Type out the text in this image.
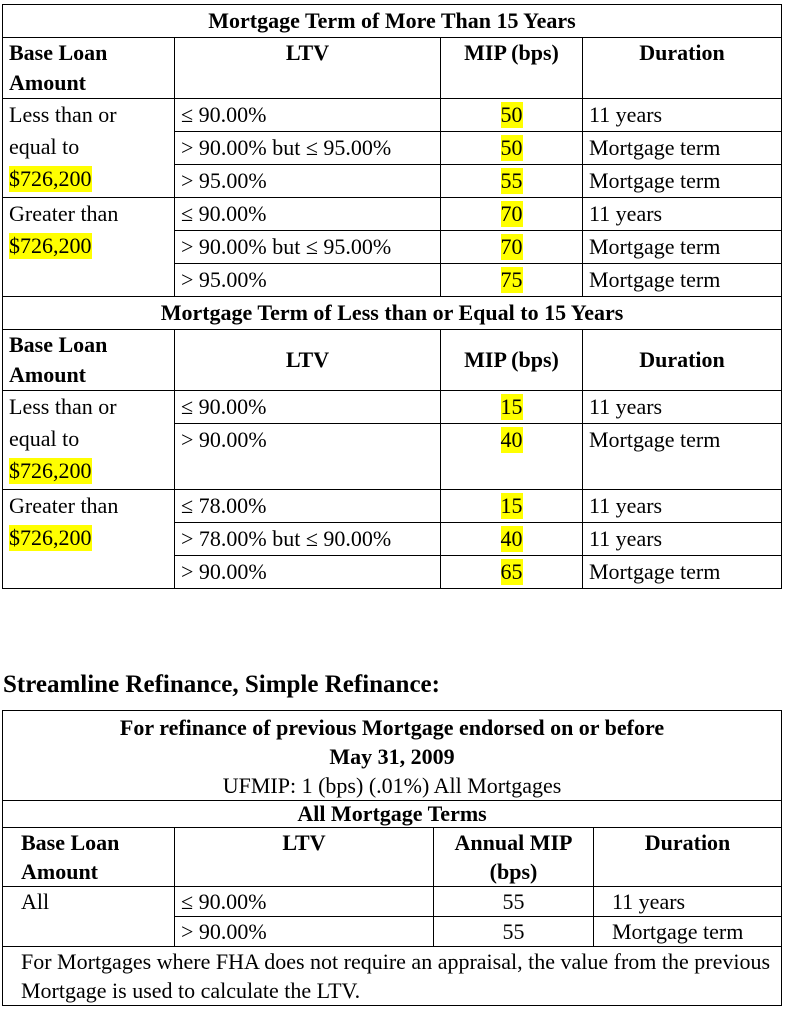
Mortgage Term of More Than 15 Years			
Base Loan Amount	LTV	MIP (bps)	Duration

Less than or
equal to
$726,200	≤ 90.00%	50	11 years
	> 90.00% but ≤ 95.00%	50	Mortgage term
	> 95.00%	55	Mortgage term

Greater than
$726,200	≤ 90.00%	70	11 years
	> 90.00% but ≤ 95.00%	70	Mortgage term
	> 95.00%	75	Mortgage term
Mortgage Term of Less than or Equal to 15 Years			
Base Loan Amount	LTV	MIP (bps)	Duration

Less than or
equal to
$726,200	≤ 90.00%	15	11 years
	> 90.00%	40	Mortgage term

Greater than
$726,200	≤ 78.00%	15	11 years
	> 78.00% but ≤ 90.00%	40	11 years
	> 90.00%	65	Mortgage term
Streamline Refinance, Simple Refinance:
For refinance of previous Mortgage endorsed on or before
May 31, 2009
UFMIP: 1 (bps) (.01%) All Mortgages			

All Mortgage Terms			
Base Loan Amount	LTV	Annual MIP (bps)	Duration
All	≤ 90.00%	55	11 years
	> 90.00%	55	Mortgage term
For Mortgages where FHA does not require an appraisal, the value from the previous Mortgage is used to calculate the LTV.			
